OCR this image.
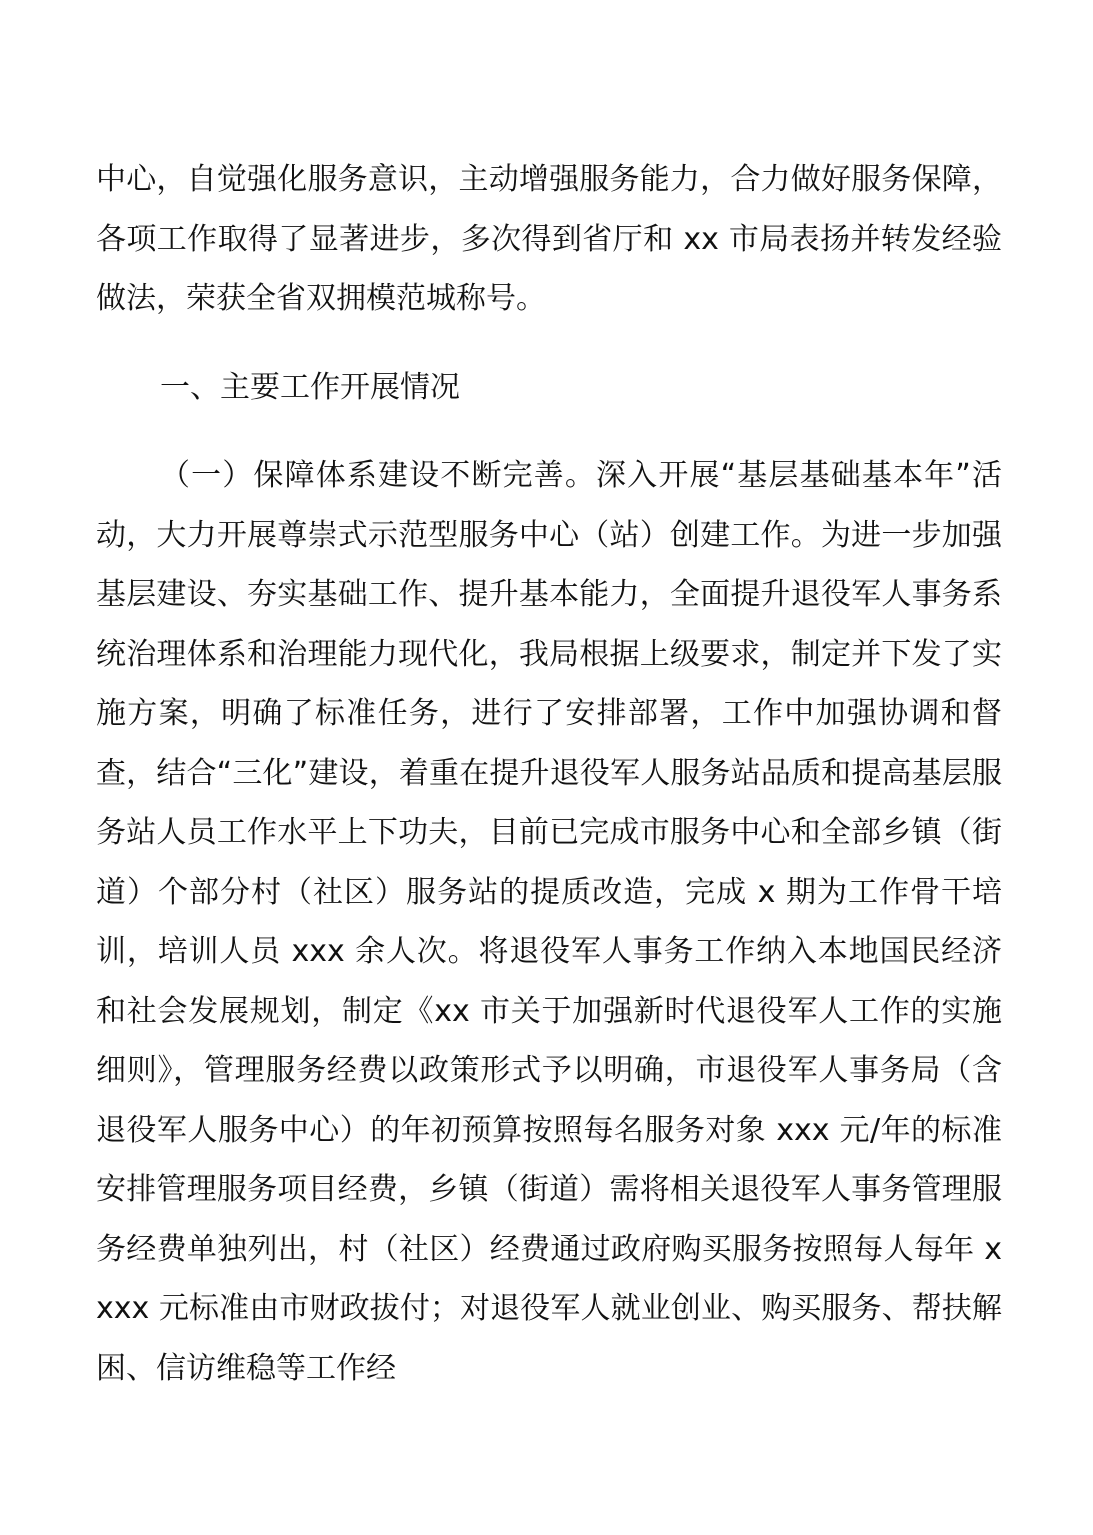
中心，自觉强化服务意识，主动增强服务能力，合力做好服务保障，各项工作取得了显著进步，多次得到省厅和 xx 市局表扬并转发经验做法，荣获全省双拥模范城称号。

一、主要工作开展情况

（一）保障体系建设不断完善。深入开展“基层基础基本年”活动，大力开展尊崇式示范型服务中心（站）创建工作。为进一步加强基层建设、夯实基础工作、提升基本能力，全面提升退役军人事务系统治理体系和治理能力现代化，我局根据上级要求，制定并下发了实施方案，明确了标准任务，进行了安排部署，工作中加强协调和督查，结合“三化”建设，着重在提升退役军人服务站品质和提高基层服务站人员工作水平上下功夫，目前已完成市服务中心和全部乡镇（街道）个部分村（社区）服务站的提质改造，完成 x 期为工作骨干培训，培训人员 xxx 余人次。将退役军人事务工作纳入本地国民经济和社会发展规划，制定《xx 市关于加强新时代退役军人工作的实施细则》，管理服务经费以政策形式予以明确，市退役军人事务局（含退役军人服务中心）的年初预算按照每名服务对象 xxx 元/年的标准安排管理服务项目经费，乡镇（街道）需将相关退役军人事务管理服务经费单独列出，村（社区）经费通过政府购买服务按照每人每年 xxxx 元标准由市财政拔付；对退役军人就业创业、购买服务、帮扶解困、信访维稳等工作经
